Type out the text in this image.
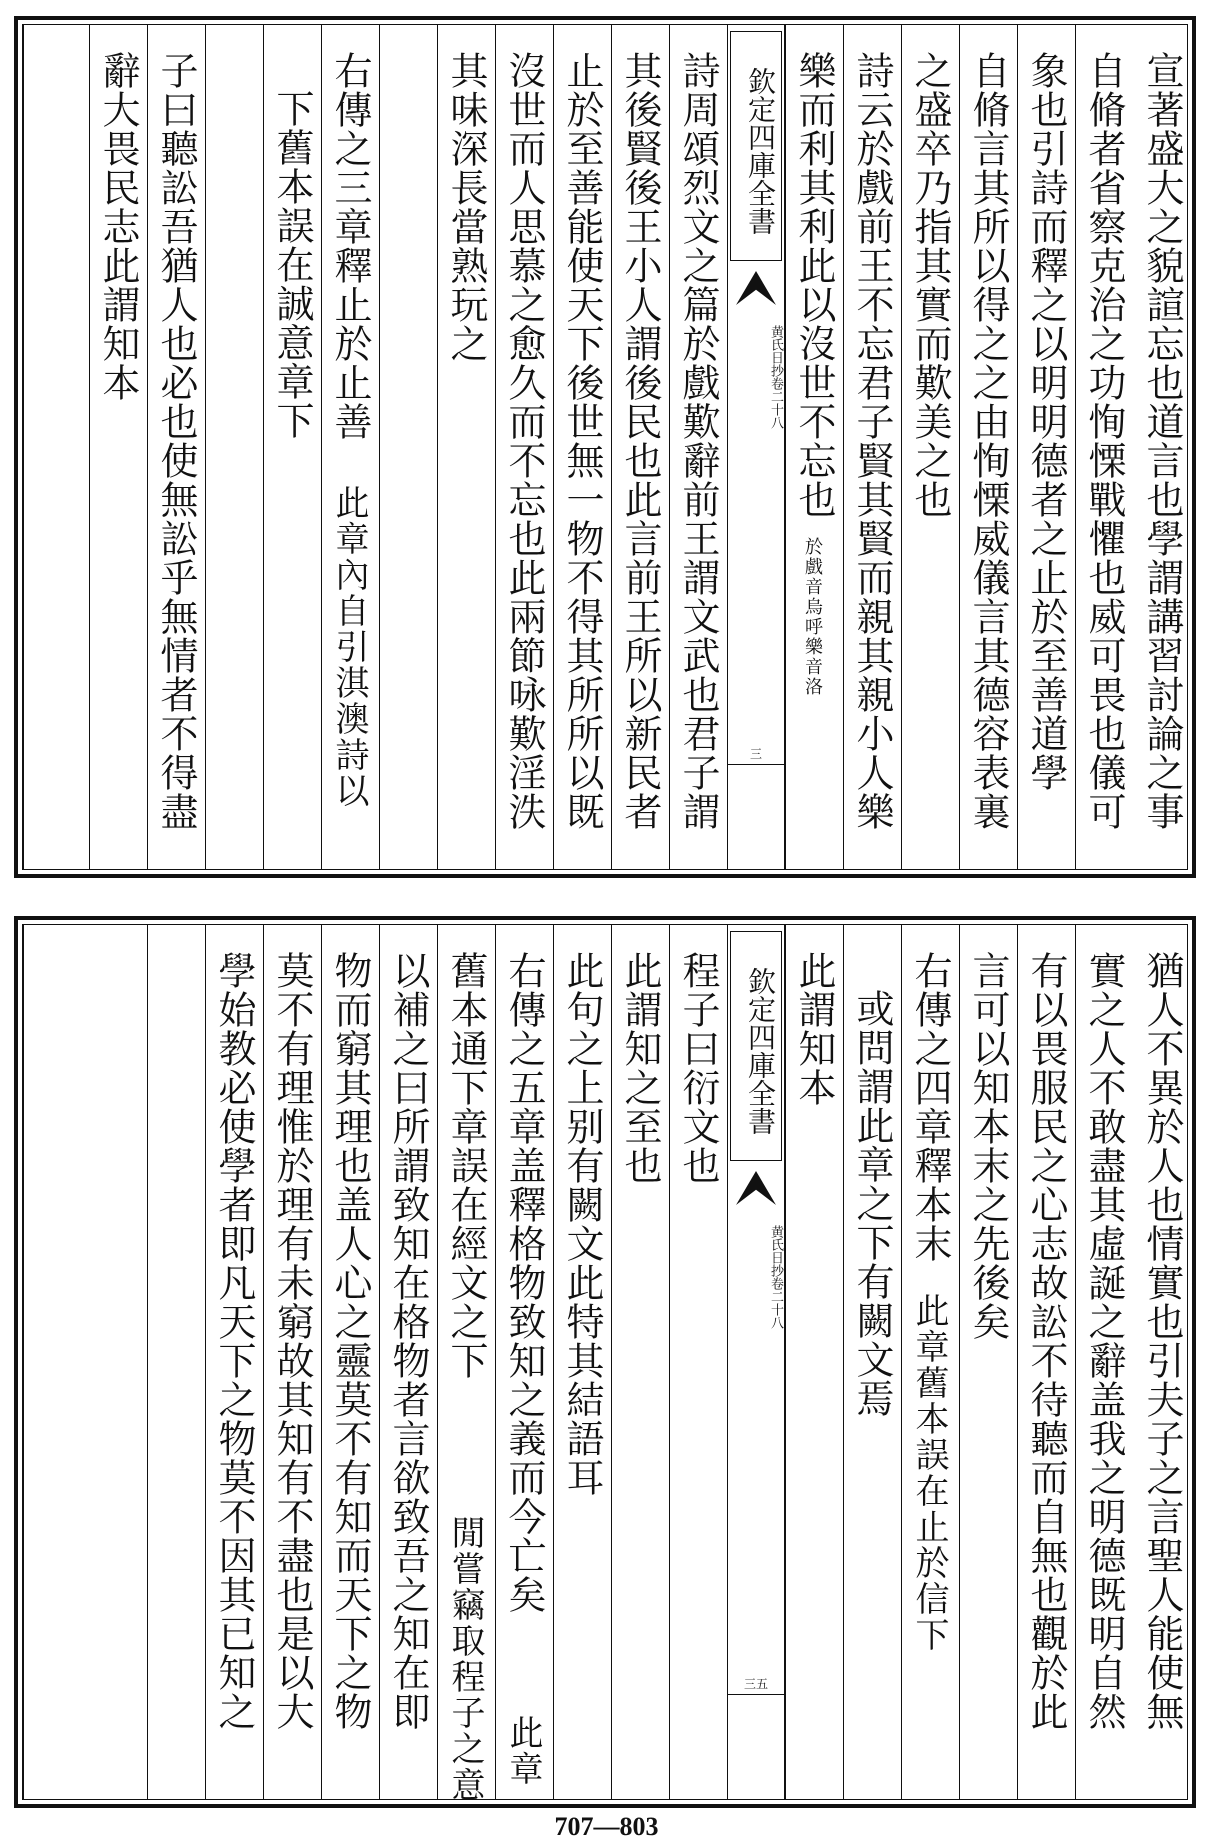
宣著盛大之貌諠忘也道言也學謂講習討論之事
自脩者省察克治之功恂慄戰懼也威可畏也儀可
象也引詩而釋之以明明德者之止於至善道學
自脩言其所以得之之由恂慄威儀言其德容表裏
之盛卒乃指其實而歎美之也
詩云於戲前王不忘君子賢其賢而親其親小人樂
樂而利其利此以沒世不忘也
於戲音烏呼樂音洛
欽定四庫全書
黄氏日抄
卷二十八
三
詩周頌烈文之篇於戲歎辭前王謂文武也君子謂
其後賢後王小人謂後民也此言前王所以新民者
止於至善能使天下後世無一物不得其所所以既
沒世而人思慕之愈久而不忘也此兩節咏歎淫泆
其味深長當熟玩之
右傳之三章釋止於止善
此章內自引淇澳詩以
下舊本誤在誠意章下
子曰聽訟吾猶人也必也使無訟乎無情者不得盡
辭大畏民志此謂知本
猶人不異於人也情實也引夫子之言聖人能使無
實之人不敢盡其虛誕之辭盖我之明德既明自然
有以畏服民之心志故訟不待聽而自無也觀於此
言可以知本末之先後矣
右傳之四章釋本末
此章舊本誤在止於信下
或問謂此章之下有闕文焉
此謂知本
欽定四庫全書
黄氏日抄
卷二十八
三五
程子曰衍文也
此謂知之至也
此句之上别有闕文此特其結語耳
右傳之五章盖釋格物致知之義而今亡矣
此章
舊本通下章誤在經文之下
閒嘗竊取程子之意
以補之曰所謂致知在格物者言欲致吾之知在即
物而窮其理也盖人心之靈莫不有知而天下之物
莫不有理惟於理有未窮故其知有不盡也是以大
學始教必使學者即凡天下之物莫不因其已知之
707—803
